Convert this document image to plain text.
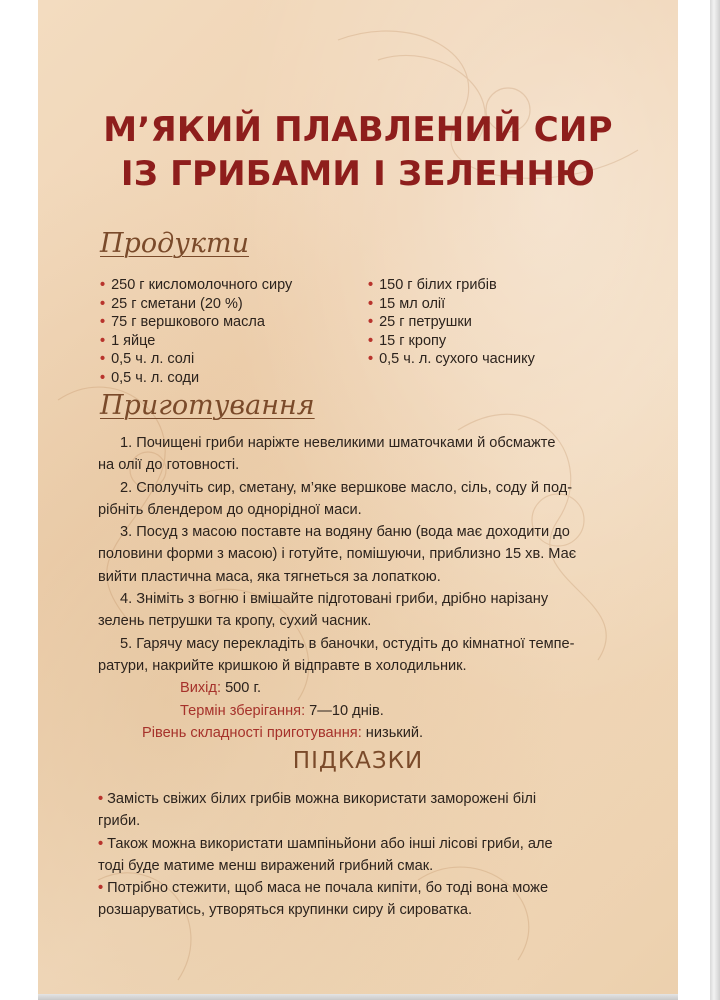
М’ЯКИЙ ПЛАВЛЕНИЙ СИР
ІЗ ГРИБАМИ І ЗЕЛЕННЮ
Продукти
• 250 г кисломолочного сиру
• 25 г сметани (20 %)
• 75 г вершкового масла
• 1 яйце
• 0,5 ч. л. солі
• 0,5 ч. л. соди
• 150 г білих грибів
• 15 мл олії
• 25 г петрушки
• 15 г кропу
• 0,5 ч. л. сухого часнику
Приготування

1. Почищені гриби наріжте невеликими шматочками й обсмажте
на олії до готовності.

2. Сполучіть сир, сметану, м’яке вершкове масло, сіль, соду й под-
рібніть блендером до однорідної маси.

3. Посуд з масою поставте на водяну баню (вода має доходити до
половини форми з масою) і готуйте, помішуючи, приблизно 15 хв. Має
вийти пластична маса, яка тягнеться за лопаткою.

4. Зніміть з вогню і вмішайте підготовані гриби, дрібно нарізану
зелень петрушки та кропу, сухий часник.

5. Гарячу масу перекладіть в баночки, остудіть до кімнатної темпе-
ратури, накрийте кришкою й відправте в холодильник.

Вихід: 500 г.

Термін зберігання: 7—10 днів.

Рівень складності приготування: низький.

ПІДКАЗКИ

• Замість свіжих білих грибів можна використати заморожені білі
гриби.

• Також можна використати шампіньйони або інші лісові гриби, але
тоді буде матиме менш виражений грибний смак.

• Потрібно стежити, щоб маса не почала кипіти, бо тоді вона може
розшаруватись, утворяться крупинки сиру й сироватка.
